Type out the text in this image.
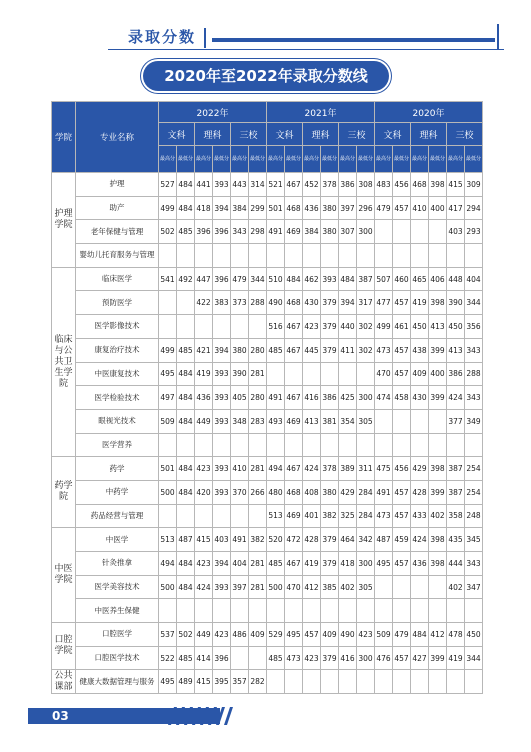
录取分数
2020年至2022年录取分数线
学院	专业名称	2022年						2021年						2020年					
		文科		理科		三校		文科		理科		三校		文科		理科		三校	
		最高分	最低分	最高分	最低分	最高分	最低分	最高分	最低分	最高分	最低分	最高分	最低分	最高分	最低分	最高分	最低分	最高分	最低分
护理学院	护理	527	484	441	393	443	314	521	467	452	378	386	308	483	456	468	398	415	309
	助产	499	484	418	394	384	299	501	468	436	380	397	296	479	457	410	400	417	294
	老年保健与管理	502	485	396	396	343	298	491	469	384	380	307	300					403	293
	婴幼儿托育服务与管理																		
临床与公共卫生学院	临床医学	541	492	447	396	479	344	510	484	462	393	484	387	507	460	465	406	448	404
	预防医学			422	383	373	288	490	468	430	379	394	317	477	457	419	398	390	344
	医学影像技术							516	467	423	379	440	302	499	461	450	413	450	356
	康复治疗技术	499	485	421	394	380	280	485	467	445	379	411	302	473	457	438	399	413	343
	中医康复技术	495	484	419	393	390	281							470	457	409	400	386	288
	医学检验技术	497	484	436	393	405	280	491	467	416	386	425	300	474	458	430	399	424	343
	眼视光技术	509	484	449	393	348	283	493	469	413	381	354	305					377	349
	医学营养																		
药学院	药学	501	484	423	393	410	281	494	467	424	378	389	311	475	456	429	398	387	254
	中药学	500	484	420	393	370	266	480	468	408	380	429	284	491	457	428	399	387	254
	药品经营与管理							513	469	401	382	325	284	473	457	433	402	358	248
中医学院	中医学	513	487	415	403	491	382	520	472	428	379	464	342	487	459	424	398	435	345
	针灸推拿	494	484	423	394	404	281	485	467	419	379	418	300	495	457	436	398	444	343
	医学美容技术	500	484	424	393	397	281	500	470	412	385	402	305					402	347
	中医养生保健																		
口腔学院	口腔医学	537	502	449	423	486	409	529	495	457	409	490	423	509	479	484	412	478	450
	口腔医学技术	522	485	414	396			485	473	423	379	416	300	476	457	427	399	419	344
公共课部	健康大数据管理与服务	495	489	415	395	357	282												
03
